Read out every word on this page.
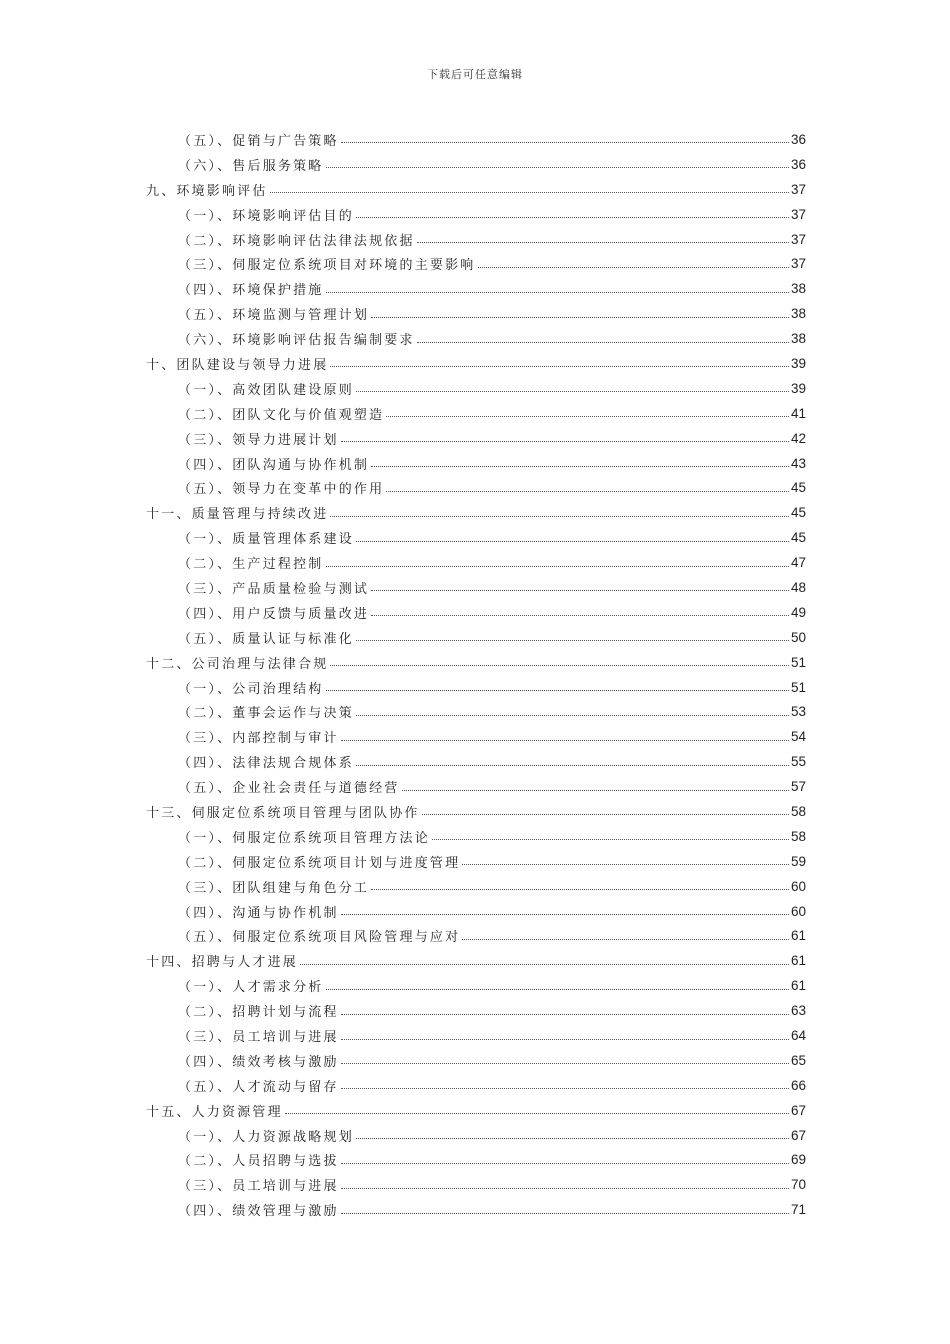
下载后可任意编辑
（五）、促销与广告策略	36
（六）、售后服务策略	36
九、环境影响评估	37
（一）、环境影响评估目的	37
（二）、环境影响评估法律法规依据	37
（三）、伺服定位系统项目对环境的主要影响	37
（四）、环境保护措施	38
（五）、环境监测与管理计划	38
（六）、环境影响评估报告编制要求	38
十、团队建设与领导力进展	39
（一）、高效团队建设原则	39
（二）、团队文化与价值观塑造	41
（三）、领导力进展计划	42
（四）、团队沟通与协作机制	43
（五）、领导力在变革中的作用	45
十一、质量管理与持续改进	45
（一）、质量管理体系建设	45
（二）、生产过程控制	47
（三）、产品质量检验与测试	48
（四）、用户反馈与质量改进	49
（五）、质量认证与标准化	50
十二、公司治理与法律合规	51
（一）、公司治理结构	51
（二）、董事会运作与决策	53
（三）、内部控制与审计	54
（四）、法律法规合规体系	55
（五）、企业社会责任与道德经营	57
十三、伺服定位系统项目管理与团队协作	58
（一）、伺服定位系统项目管理方法论	58
（二）、伺服定位系统项目计划与进度管理	59
（三）、团队组建与角色分工	60
（四）、沟通与协作机制	60
（五）、伺服定位系统项目风险管理与应对	61
十四、招聘与人才进展	61
（一）、人才需求分析	61
（二）、招聘计划与流程	63
（三）、员工培训与进展	64
（四）、绩效考核与激励	65
（五）、人才流动与留存	66
十五、人力资源管理	67
（一）、人力资源战略规划	67
（二）、人员招聘与选拔	69
（三）、员工培训与进展	70
（四）、绩效管理与激励	71
